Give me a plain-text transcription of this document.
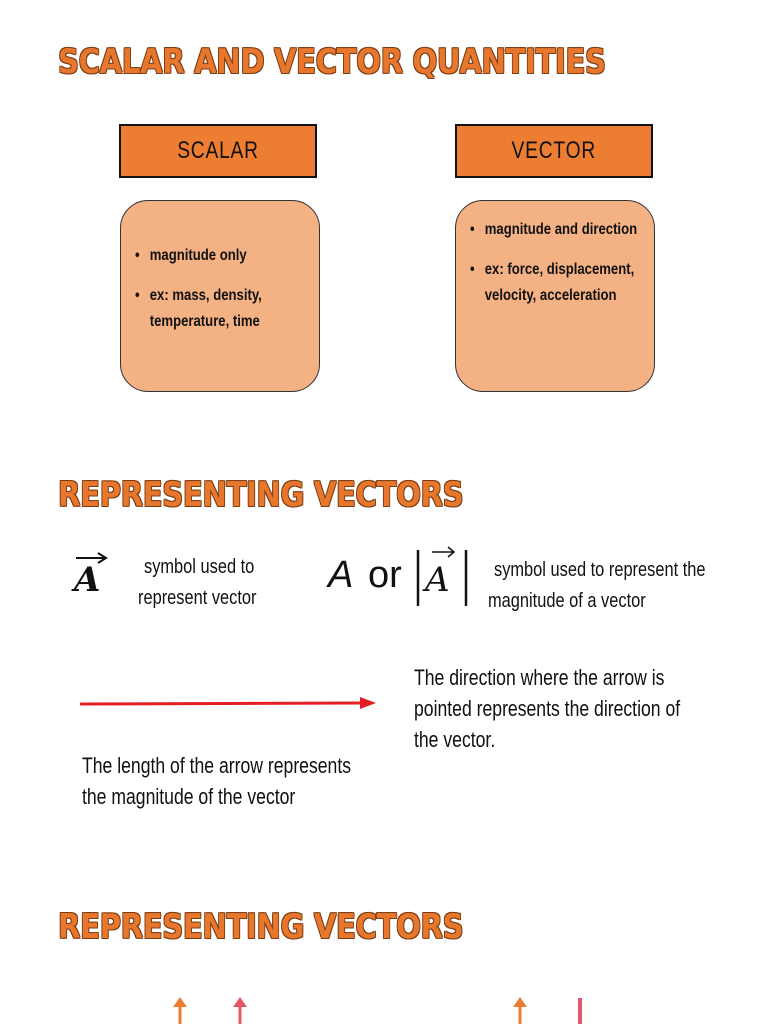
SCALAR AND VECTOR QUANTITIES
SCALAR
• magnitude only
• ex: mass, density, temperature, time
VECTOR
• magnitude and direction
• ex: force, displacement, velocity, acceleration
REPRESENTING VECTORS
A symbol used to
represent vector
A or A symbol used to represent the
magnitude of a vector
The direction where the arrow is
pointed represents the direction of
the vector.
The length of the arrow represents
the magnitude of the vector
REPRESENTING VECTORS
